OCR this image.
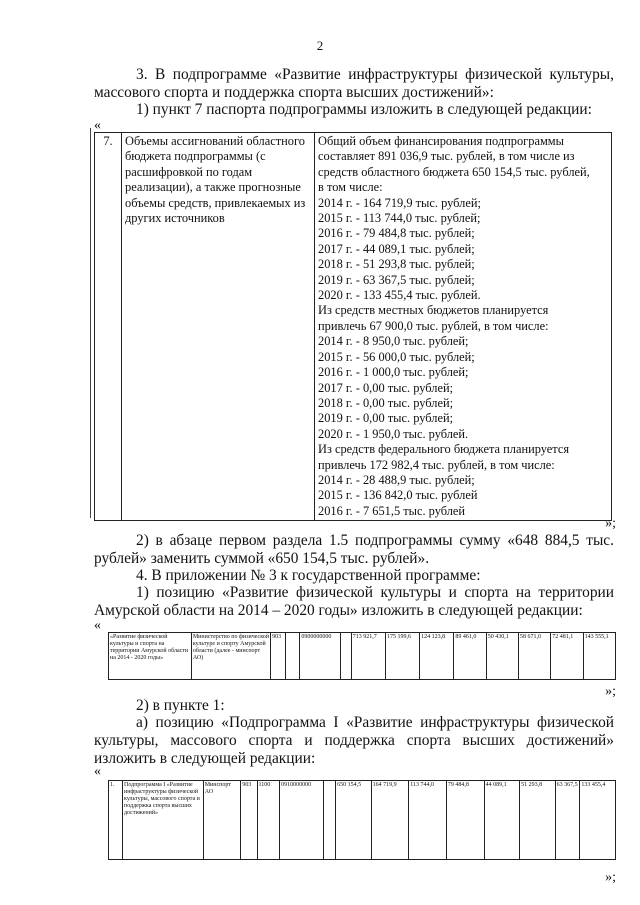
2
3. В подпрограмме «Развитие инфраструктуры физической культуры, массового спорта и поддержка спорта высших достижений»:
1) пункт 7 паспорта подпрограммы изложить в следующей редакции:
«
7.	Объемы ассигнований областного бюджета подпрограммы (с расшифровкой по годам реализации), а также прогнозные объемы средств, привлекаемых из других источников	
Общий объем финансирования подпрограммы
составляет 891 036,9 тыс. рублей, в том числе из
средств областного бюджета 650 154,5 тыс. рублей,
в том числе:
2014 г. - 164 719,9 тыс. рублей;
2015 г. - 113 744,0 тыс. рублей;
2016 г. - 79 484,8 тыс. рублей;
2017 г. - 44 089,1 тыс. рублей;
2018 г. - 51 293,8 тыс. рублей;
2019 г. - 63 367,5 тыс. рублей;
2020 г. - 133 455,4 тыс. рублей.
Из средств местных бюджетов планируется
привлечь 67 900,0 тыс. рублей, в том числе:
2014 г. - 8 950,0 тыс. рублей;
2015 г. - 56 000,0 тыс. рублей;
2016 г. - 1 000,0 тыс. рублей;
2017 г. - 0,00 тыс. рублей;
2018 г. - 0,00 тыс. рублей;
2019 г. - 0,00 тыс. рублей;
2020 г. - 1 950,0 тыс. рублей.
Из средств федерального бюджета планируется
привлечь 172 982,4 тыс. рублей, в том числе:
2014 г. - 28 488,9 тыс. рублей;
2015 г. - 136 842,0 тыс. рублей
2016 г. - 7 651,5 тыс. рублей
»;
2) в абзаце первом раздела 1.5 подпрограммы сумму «648 884,5 тыс. рублей» заменить суммой «650 154,5 тыс. рублей».
4. В приложении № 3 к государственной программе:
1) позицию «Развитие физической культуры и спорта на территории Амурской области на 2014 – 2020 годы» изложить в следующей редакции:
«
«Развитие физической культуры и спорта на территории Амурской области на 2014 - 2020 годы»	Министерство по физической культуре и спорту Амурской области (далее - минспорт АО)	903		0900000000		713 921,7	175 199,6	124 123,8	89 461,0	50 430,1	58 671,0	72 481,1	143 555,1
»;
2) в пункте 1:
а) позицию «Подпрограмма I «Развитие инфраструктуры физической культуры, массового спорта и поддержка спорта высших достижений» изложить в следующей редакции:
«
1.	Подпрограмма I «Развитие инфраструктуры физической культуры, массового спорта и поддержка спорта высших достижений»	Минспорт АО	903	1100	0910000000		650 154,5	164 719,9	113 744,0	79 484,8	44 089,1	51 293,8	63 367,5	133 455,4
»;
